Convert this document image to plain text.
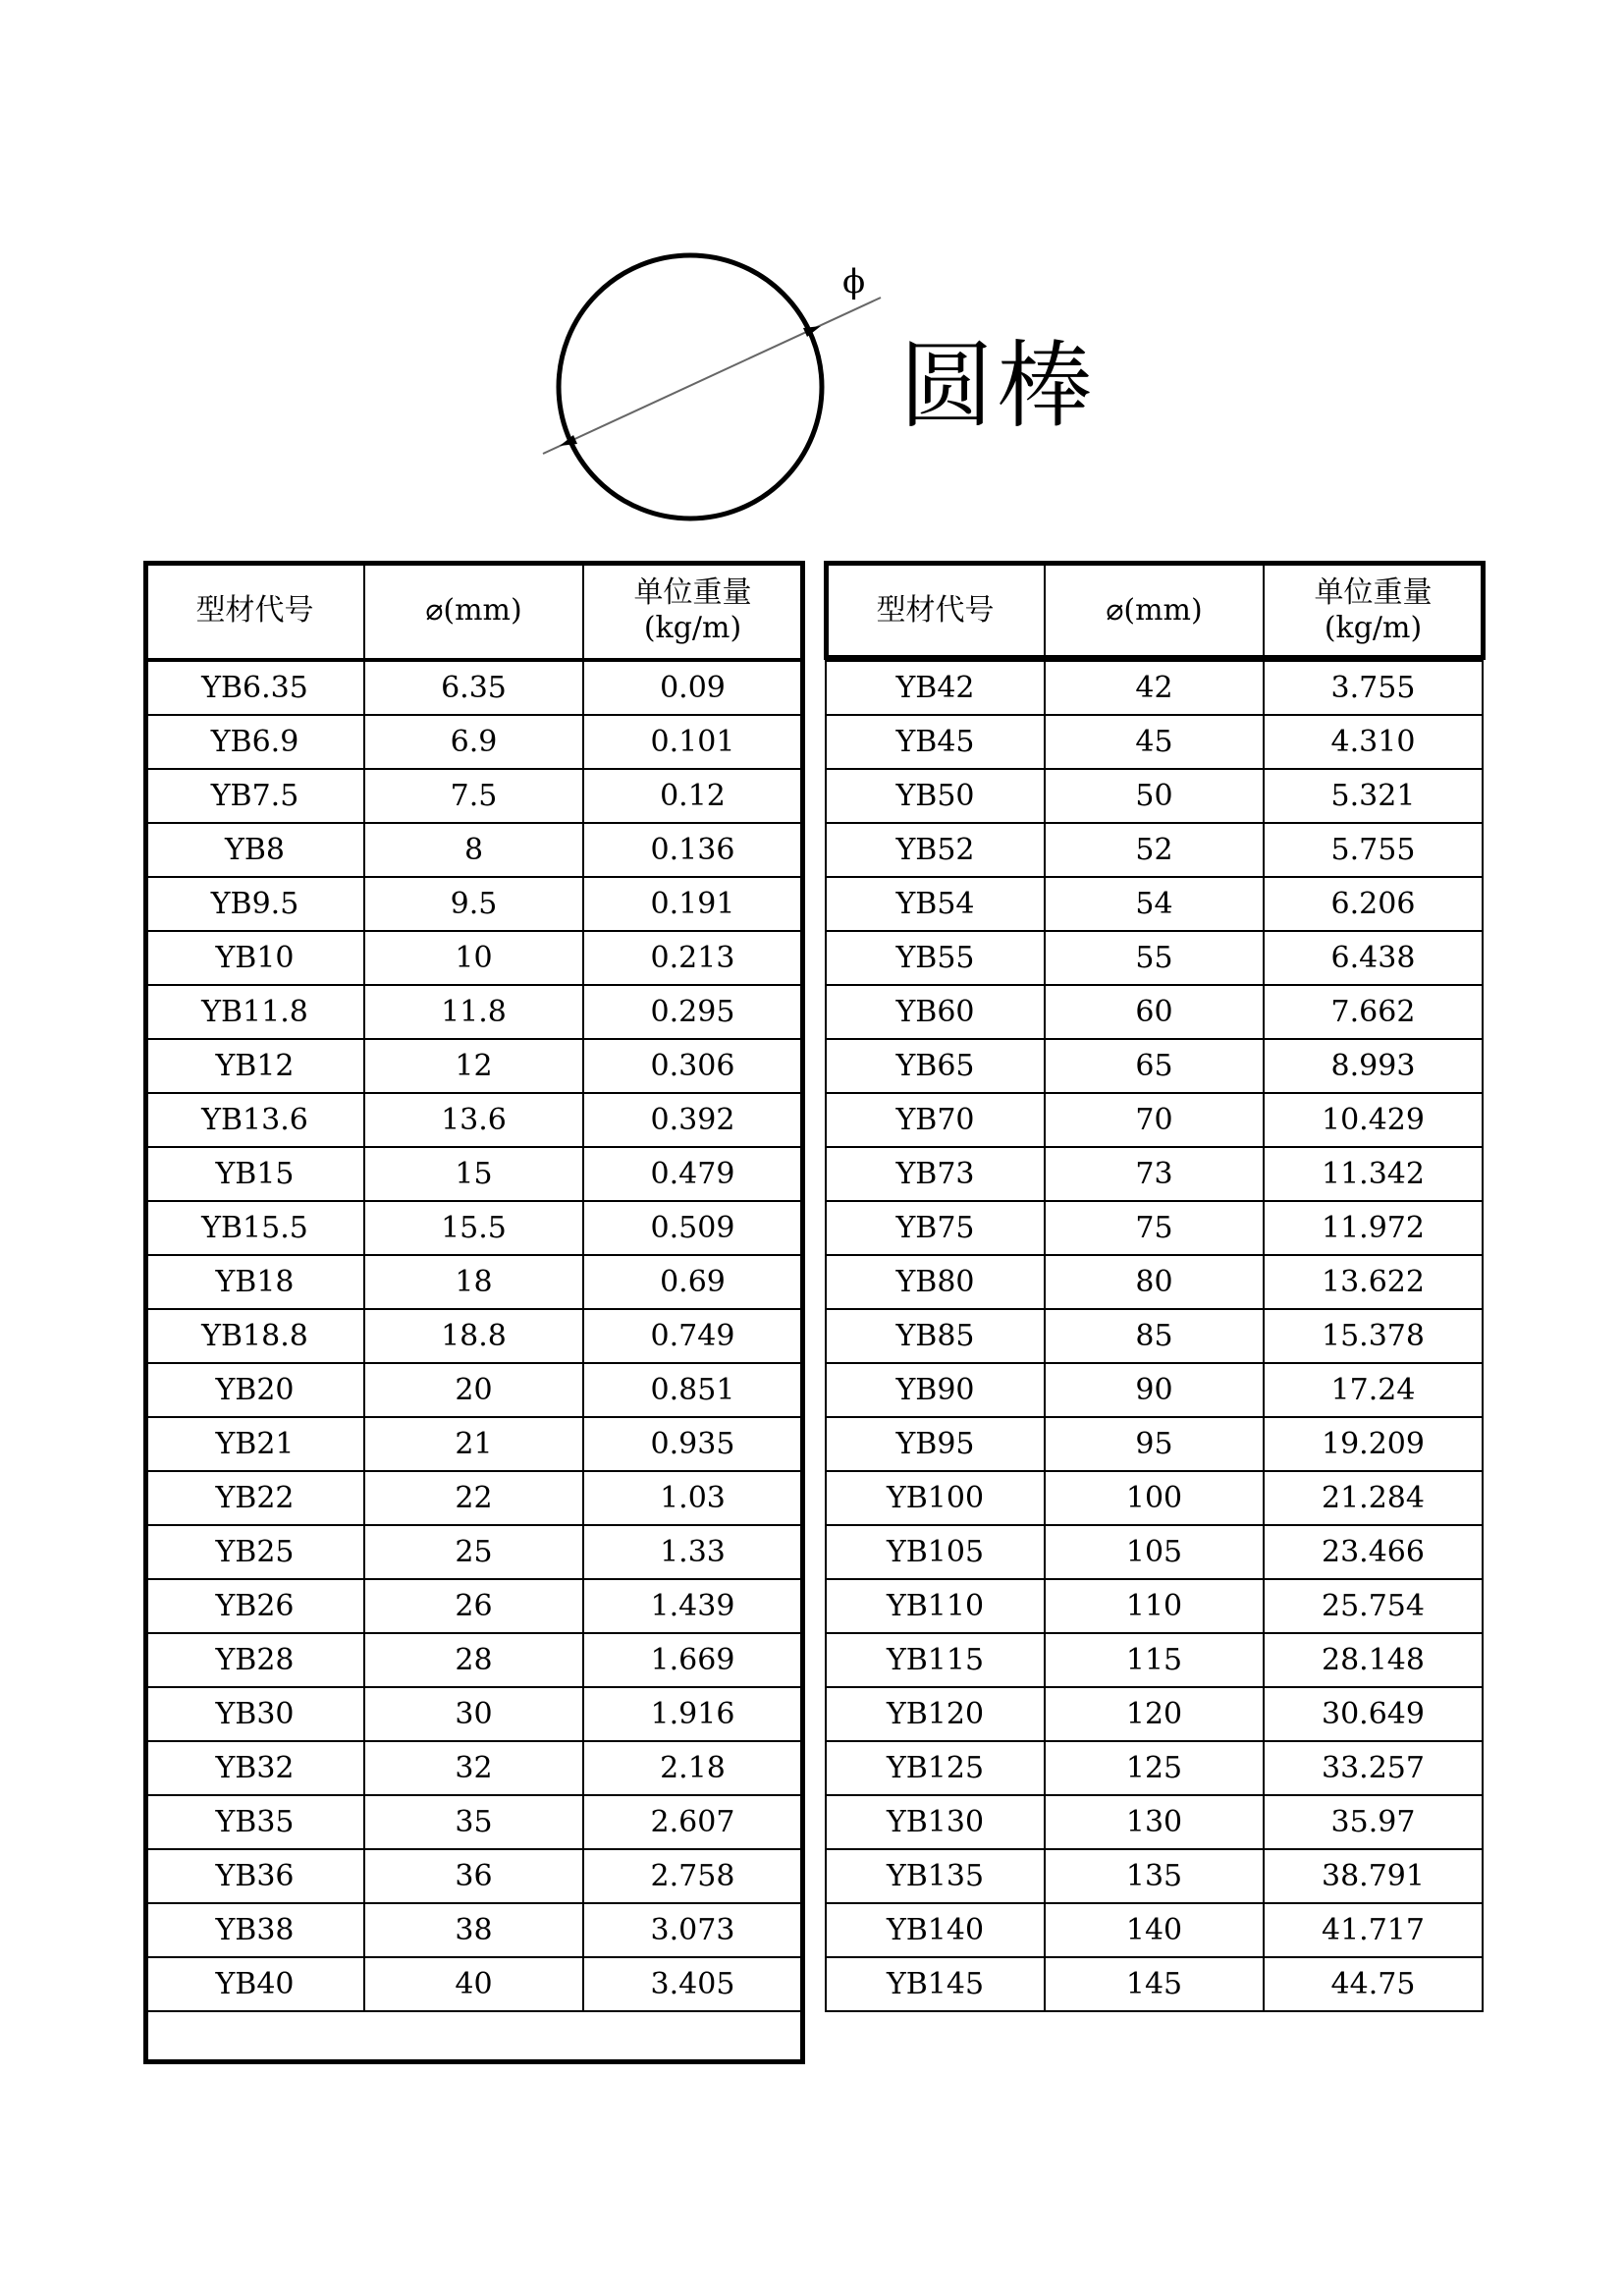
ϕ
圆棒
型材代号	⌀(mm)	单位重量
(kg/m)
YB6.35	6.35	0.09
YB6.9	6.9	0.101
YB7.5	7.5	0.12
YB8	8	0.136
YB9.5	9.5	0.191
YB10	10	0.213
YB11.8	11.8	0.295
YB12	12	0.306
YB13.6	13.6	0.392
YB15	15	0.479
YB15.5	15.5	0.509
YB18	18	0.69
YB18.8	18.8	0.749
YB20	20	0.851
YB21	21	0.935
YB22	22	1.03
YB25	25	1.33
YB26	26	1.439
YB28	28	1.669
YB30	30	1.916
YB32	32	2.18
YB35	35	2.607
YB36	36	2.758
YB38	38	3.073
YB40	40	3.405
型材代号	⌀(mm)	单位重量
(kg/m)
YB42	42	3.755
YB45	45	4.310
YB50	50	5.321
YB52	52	5.755
YB54	54	6.206
YB55	55	6.438
YB60	60	7.662
YB65	65	8.993
YB70	70	10.429
YB73	73	11.342
YB75	75	11.972
YB80	80	13.622
YB85	85	15.378
YB90	90	17.24
YB95	95	19.209
YB100	100	21.284
YB105	105	23.466
YB110	110	25.754
YB115	115	28.148
YB120	120	30.649
YB125	125	33.257
YB130	130	35.97
YB135	135	38.791
YB140	140	41.717
YB145	145	44.75
